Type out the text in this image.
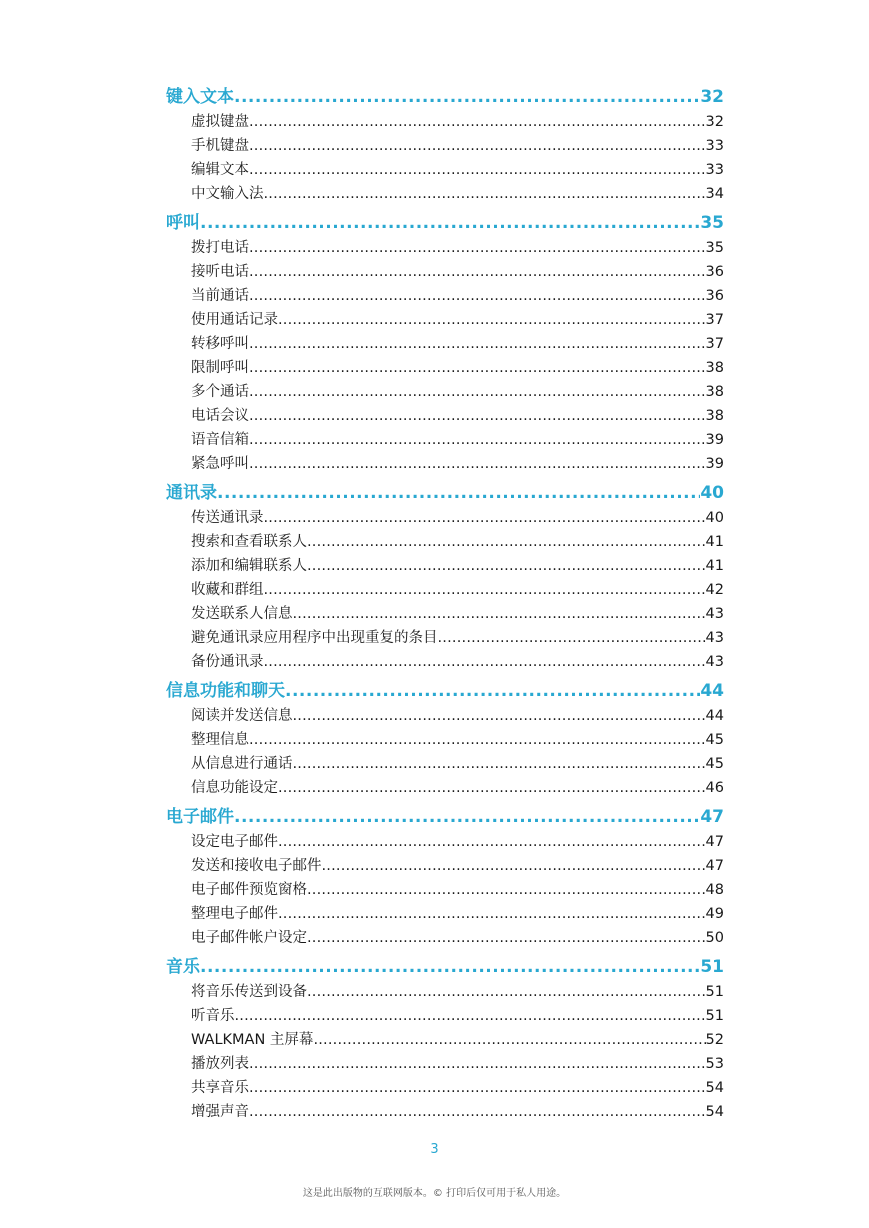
键入文本 .....	32
虚拟键盘 .....	32
手机键盘 .....	33
编辑文本 .....	33
中文输入法 .....	34
呼叫 .....	35
拨打电话 .....	35
接听电话 .....	36
当前通话 .....	36
使用通话记录 .....	37
转移呼叫 .....	37
限制呼叫 .....	38
多个通话 .....	38
电话会议 .....	38
语音信箱 .....	39
紧急呼叫 .....	39
通讯录 .....	40
传送通讯录 .....	40
搜索和查看联系人 .....	41
添加和编辑联系人 .....	41
收藏和群组 .....	42
发送联系人信息 .....	43
避免通讯录应用程序中出现重复的条目 .....	43
备份通讯录 .....	43
信息功能和聊天 .....	44
阅读并发送信息 .....	44
整理信息 .....	45
从信息进行通话 .....	45
信息功能设定 .....	46
电子邮件 .....	47
设定电子邮件 .....	47
发送和接收电子邮件 .....	47
电子邮件预览窗格 .....	48
整理电子邮件 .....	49
电子邮件帐户设定 .....	50
音乐 .....	51
将音乐传送到设备 .....	51
听音乐 .....	51
WALKMAN 主屏幕 .....	52
播放列表 .....	53
共享音乐 .....	54
增强声音 .....	54
3
这是此出版物的互联网版本。© 打印后仅可用于私人用途。
